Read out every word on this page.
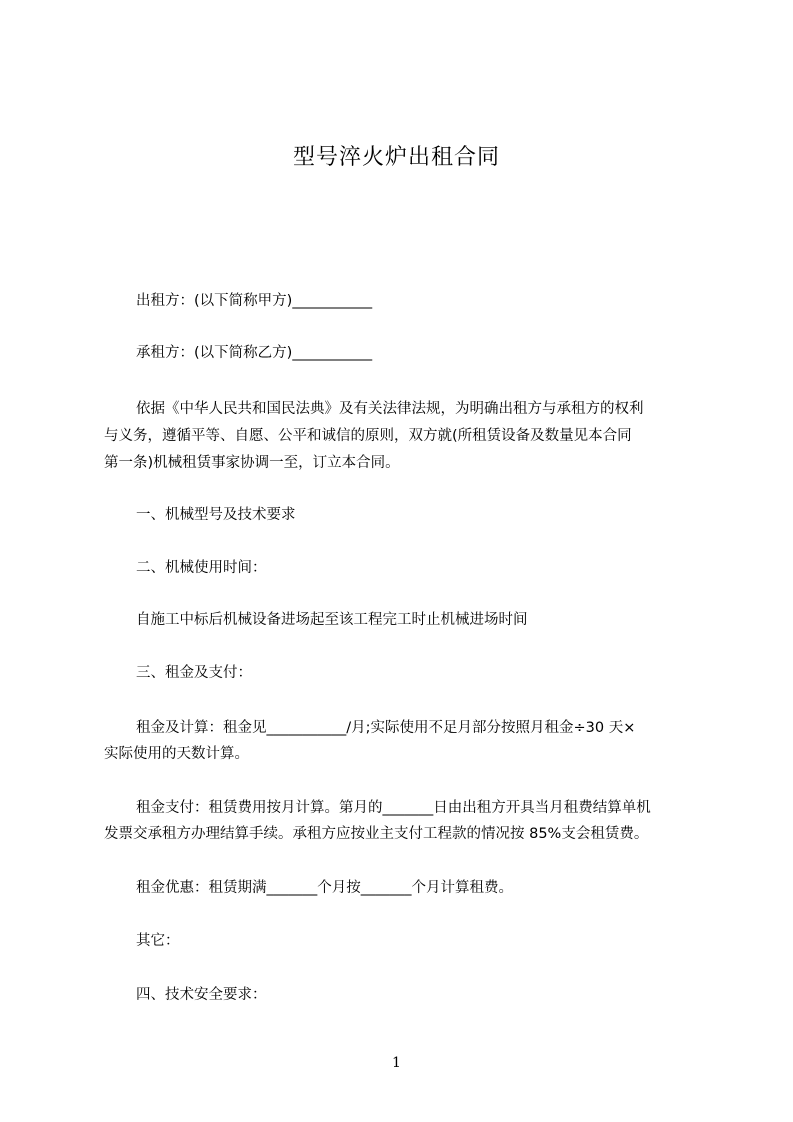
型号淬火炉出租合同
出租方：(以下简称甲方)___________
承租方：(以下简称乙方)___________
依据《中华人民共和国民法典》及有关法律法规，为明确出租方与承租方的权利
与义务，遵循平等、自愿、公平和诚信的原则，双方就(所租赁设备及数量见本合同
第一条)机械租赁事家协调一至，订立本合同。
一、机械型号及技术要求
二、机械使用时间：
自施工中标后机械设备进场起至该工程完工时止机械进场时间
三、租金及支付：
租金及计算：租金见___________/月;实际使用不足月部分按照月租金÷30 天×
实际使用的天数计算。
租金支付：租赁费用按月计算。第月的_______日由出租方开具当月租费结算单机
发票交承租方办理结算手续。承租方应按业主支付工程款的情况按 85%支会租赁费。
租金优惠：租赁期满_______个月按_______个月计算租费。
其它：
四、技术安全要求：
1
